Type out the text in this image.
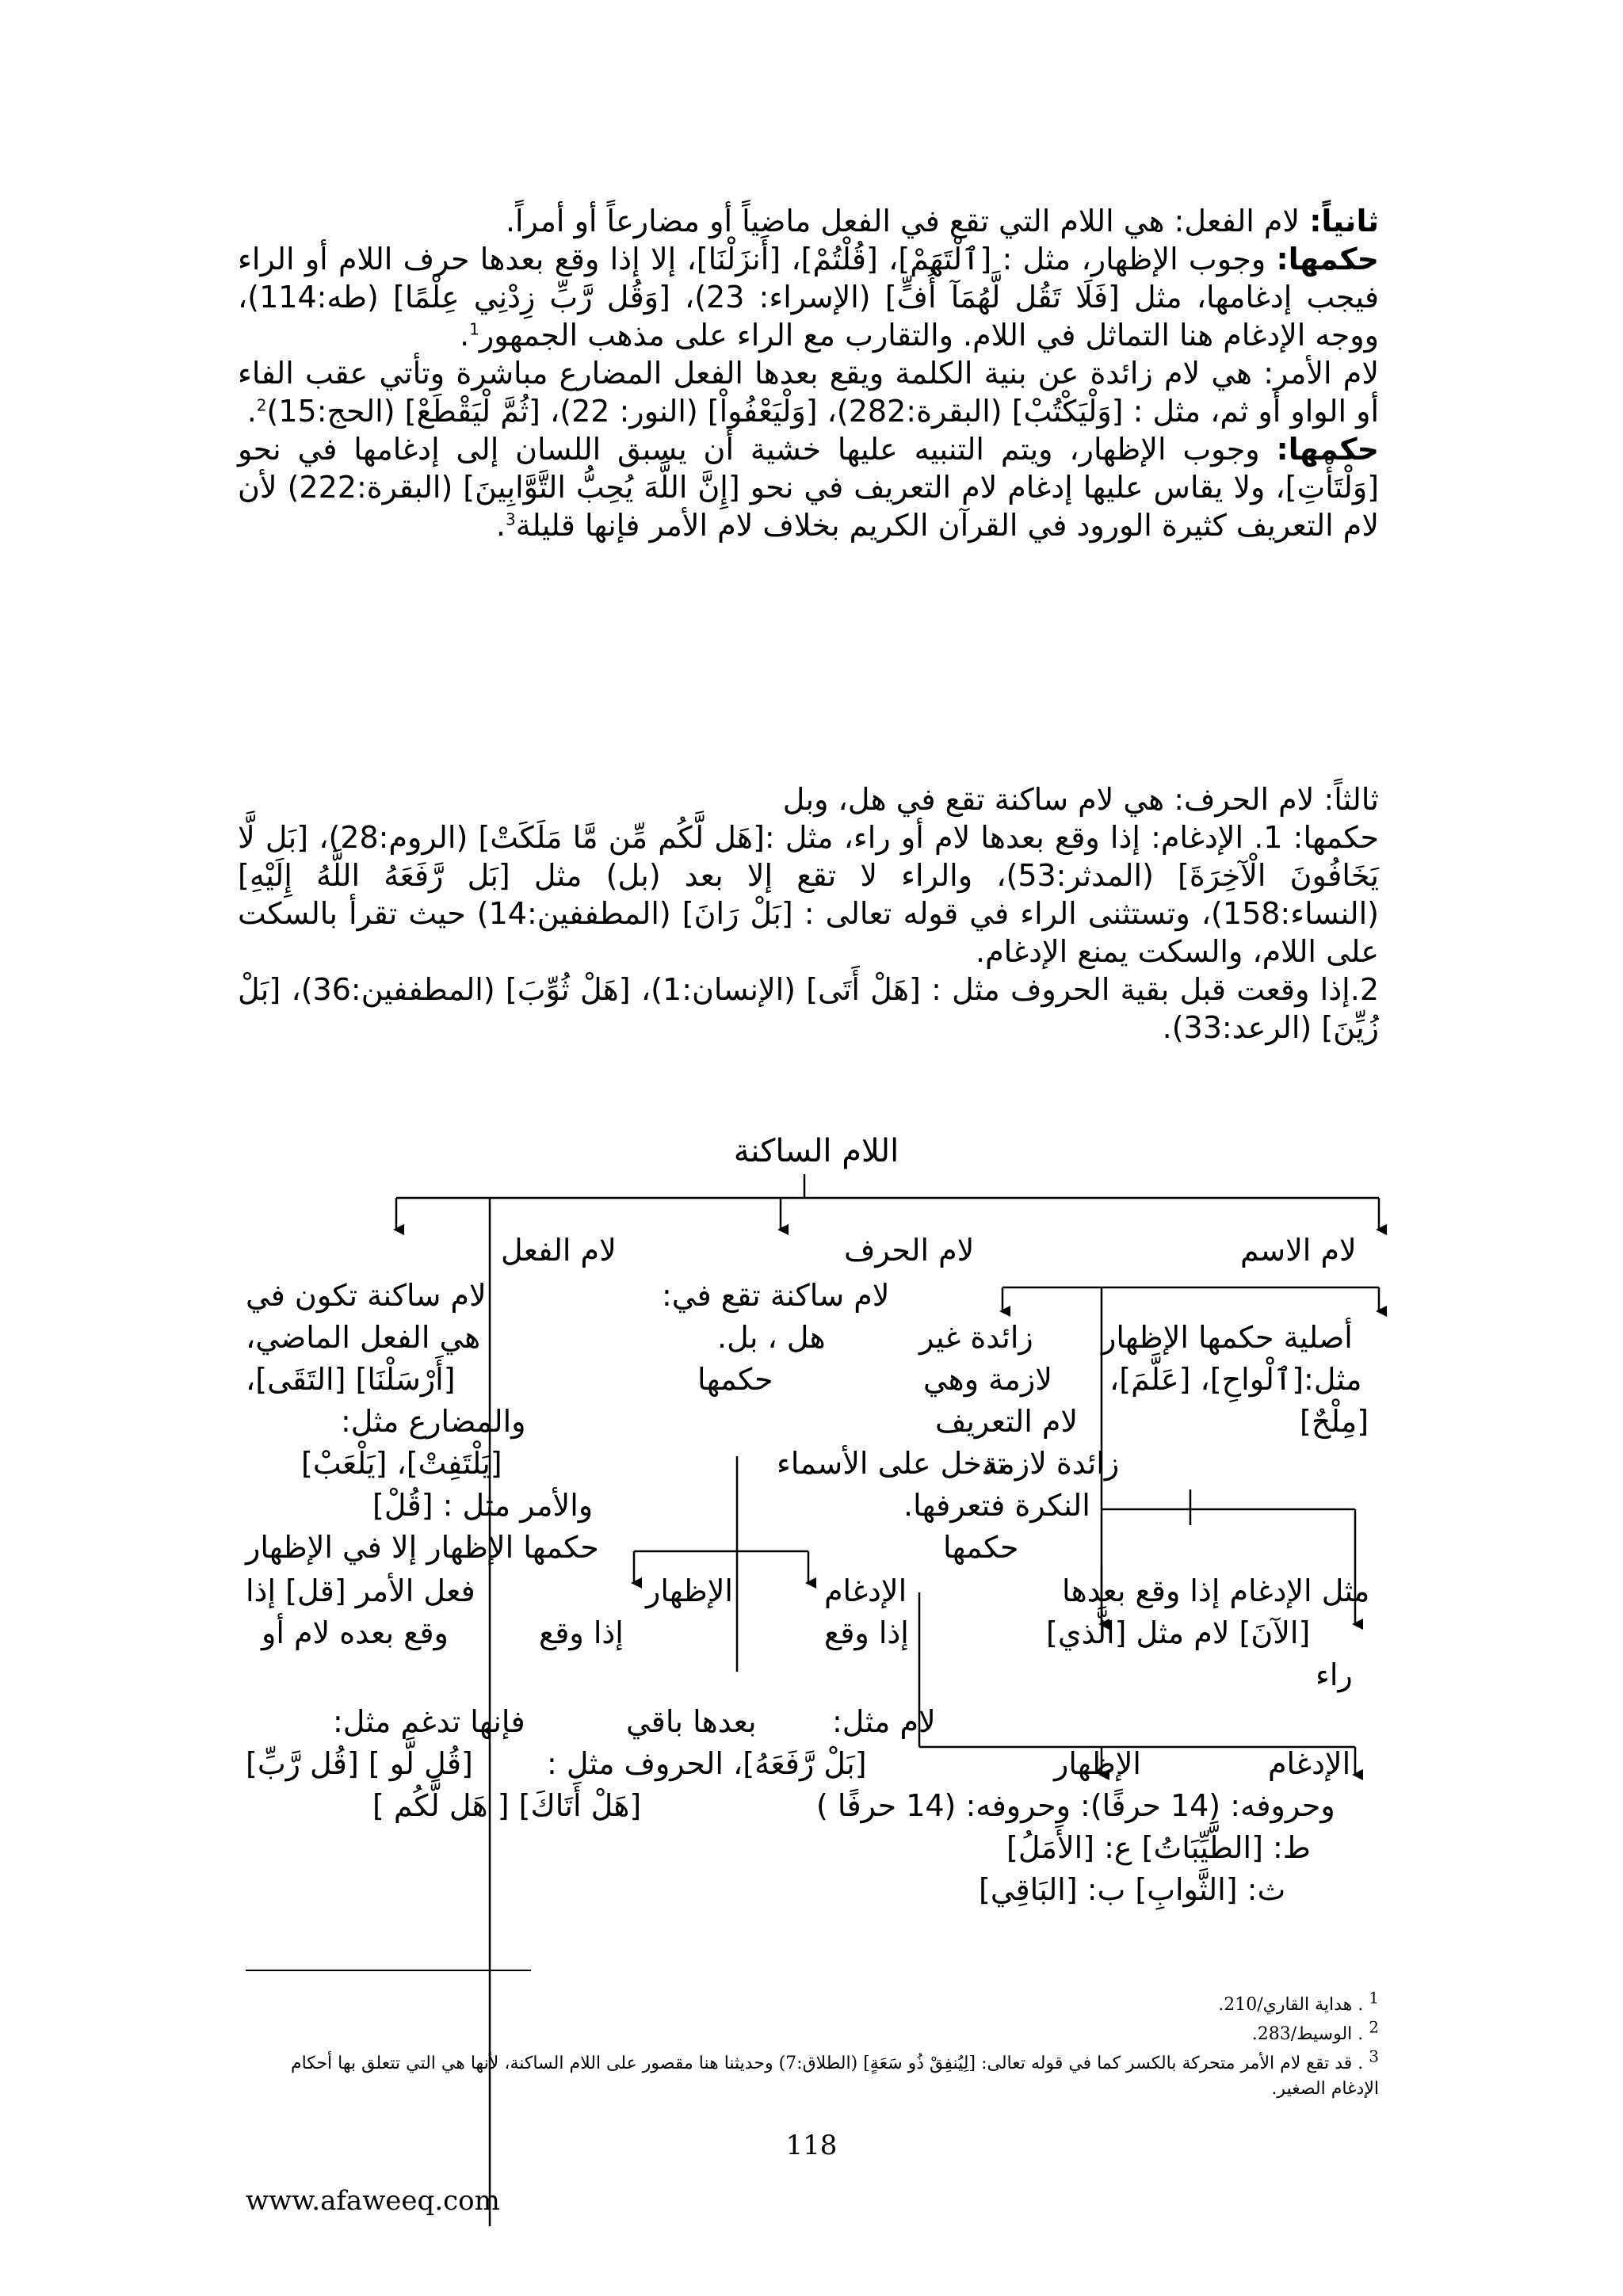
ثانياً: لام الفعل: هي اللام التي تقع في الفعل ماضياً أو مضارعاً أو أمراً.

حكمها: وجوب الإظهار، مثل : [ٱلْتَهَمْ]، [قُلْتُمْ]، [أَنزَلْنَا]، إلا إذا وقع بعدها حرف اللام أو الراء فيجب إدغامها، مثل [فَلَا تَقُل لَّهُمَآ أُفٍّ] (الإسراء: 23)، [وَقُل رَّبِّ زِدْنِي عِلْمًا] (طه:114)، ووجه الإدغام هنا التماثل في اللام. والتقارب مع الراء على مذهب الجمهور$^1$.

لام الأمر: هي لام زائدة عن بنية الكلمة ويقع بعدها الفعل المضارع مباشرة وتأتي عقب الفاء أو الواو أو ثم، مثل : [وَلْيَكْتُبْ] (البقرة:282)، [وَلْيَعْفُواْ] (النور: 22)، [ثُمَّ لْيَقْطَعْ] (الحج:15)$^2$.

حكمها: وجوب الإظهار، ويتم التنبيه عليها خشية أن يسبق اللسان إلى إدغامها في نحو [وَلْتَأْتِ]، ولا يقاس عليها إدغام لام التعريف في نحو [إِنَّ اللَّهَ يُحِبُّ التَّوَّابِينَ] (البقرة:222) لأن لام التعريف كثيرة الورود في القرآن الكريم بخلاف لام الأمر فإنها قليلة$^3$.

ثالثاً: لام الحرف: هي لام ساكنة تقع في هل، وبل

حكمها: 1. الإدغام: إذا وقع بعدها لام أو راء، مثل :[هَل لَّكُم مِّن مَّا مَلَكَتْ] (الروم:28)، [بَل لَّا يَخَافُونَ الْآخِرَةَ] (المدثر:53)، والراء لا تقع إلا بعد (بل) مثل [بَل رَّفَعَهُ اللَّهُ إِلَيْهِ] (النساء:158)، وتستثنى الراء في قوله تعالى : [بَلْ رَانَ] (المطففين:14) حيث تقرأ بالسكت على اللام، والسكت يمنع الإدغام.

2.إذا وقعت قبل بقية الحروف مثل : [هَلْ أَتَى] (الإنسان:1)، [هَلْ ثُوِّبَ] (المطففين:36)، [بَلْ زُيِّنَ] (الرعد:33).

اللام الساكنة
لام الفعل	لام الحرف	لام الاسم
لام ساكنة تكون في
هي الفعل الماضي،
[أَرْسَلْنَا] [التَقَى]،
والمضارع مثل:
[يَلْتَفِتْ]، [يَلْعَبْ]
والأمر مثل : [قُلْ]
حكمها الإظهار إلا في الإظهار
فعل الأمر [قل] إذا
وقع بعده لام أو
لام ساكنة تقع في:
هل ، بل.
حكمها
الإدغام
إذا وقع
الإظهار
إذا وقع
أصلية حكمها الإظهار
مثل:[ٱلْواحِ]، [عَلَّمَ]،
[مِلْحٌ]
زائدة غير
لازمة وهي
لام التعريف
زائدة لازمة
تدخل على الأسماء
النكرة فتعرفها.
حكمها
مثل الإدغام إذا وقع بعدها
[الآنَ] لام مثل [الَّذي]
راء
فإنها تدغم مثل:	بعدها باقي	لام مثل:
[قُل لَّو ] [قُل رَّبِّ] [بَلْ رَّفَعَهُ]، الحروف مثل :	الإظهار	الإدغام
[هَلْ أَتَاكَ] [ هَل لَّكُم ]	وحروفه: (14 حرفًا): وحروفه: (14 حرفًا )
ط: [الطَّيِّبَاتُ] ع: [الأَمَلُ]
ث: [الثَّوابِ] ب: [البَاقِي]
$^1$ . هداية القاري/210.
$^2$ . الوسيط/283.
$^3$ . قد تقع لام الأمر متحركة بالكسر كما في قوله تعالى: [لِيُنفِقْ ذُو سَعَةٍ] (الطلاق:7) وحديثنا هنا مقصور على اللام الساكنة، لأنها هي التي تتعلق بها أحكام الإدغام الصغير.
118
www.afaweeq.com
